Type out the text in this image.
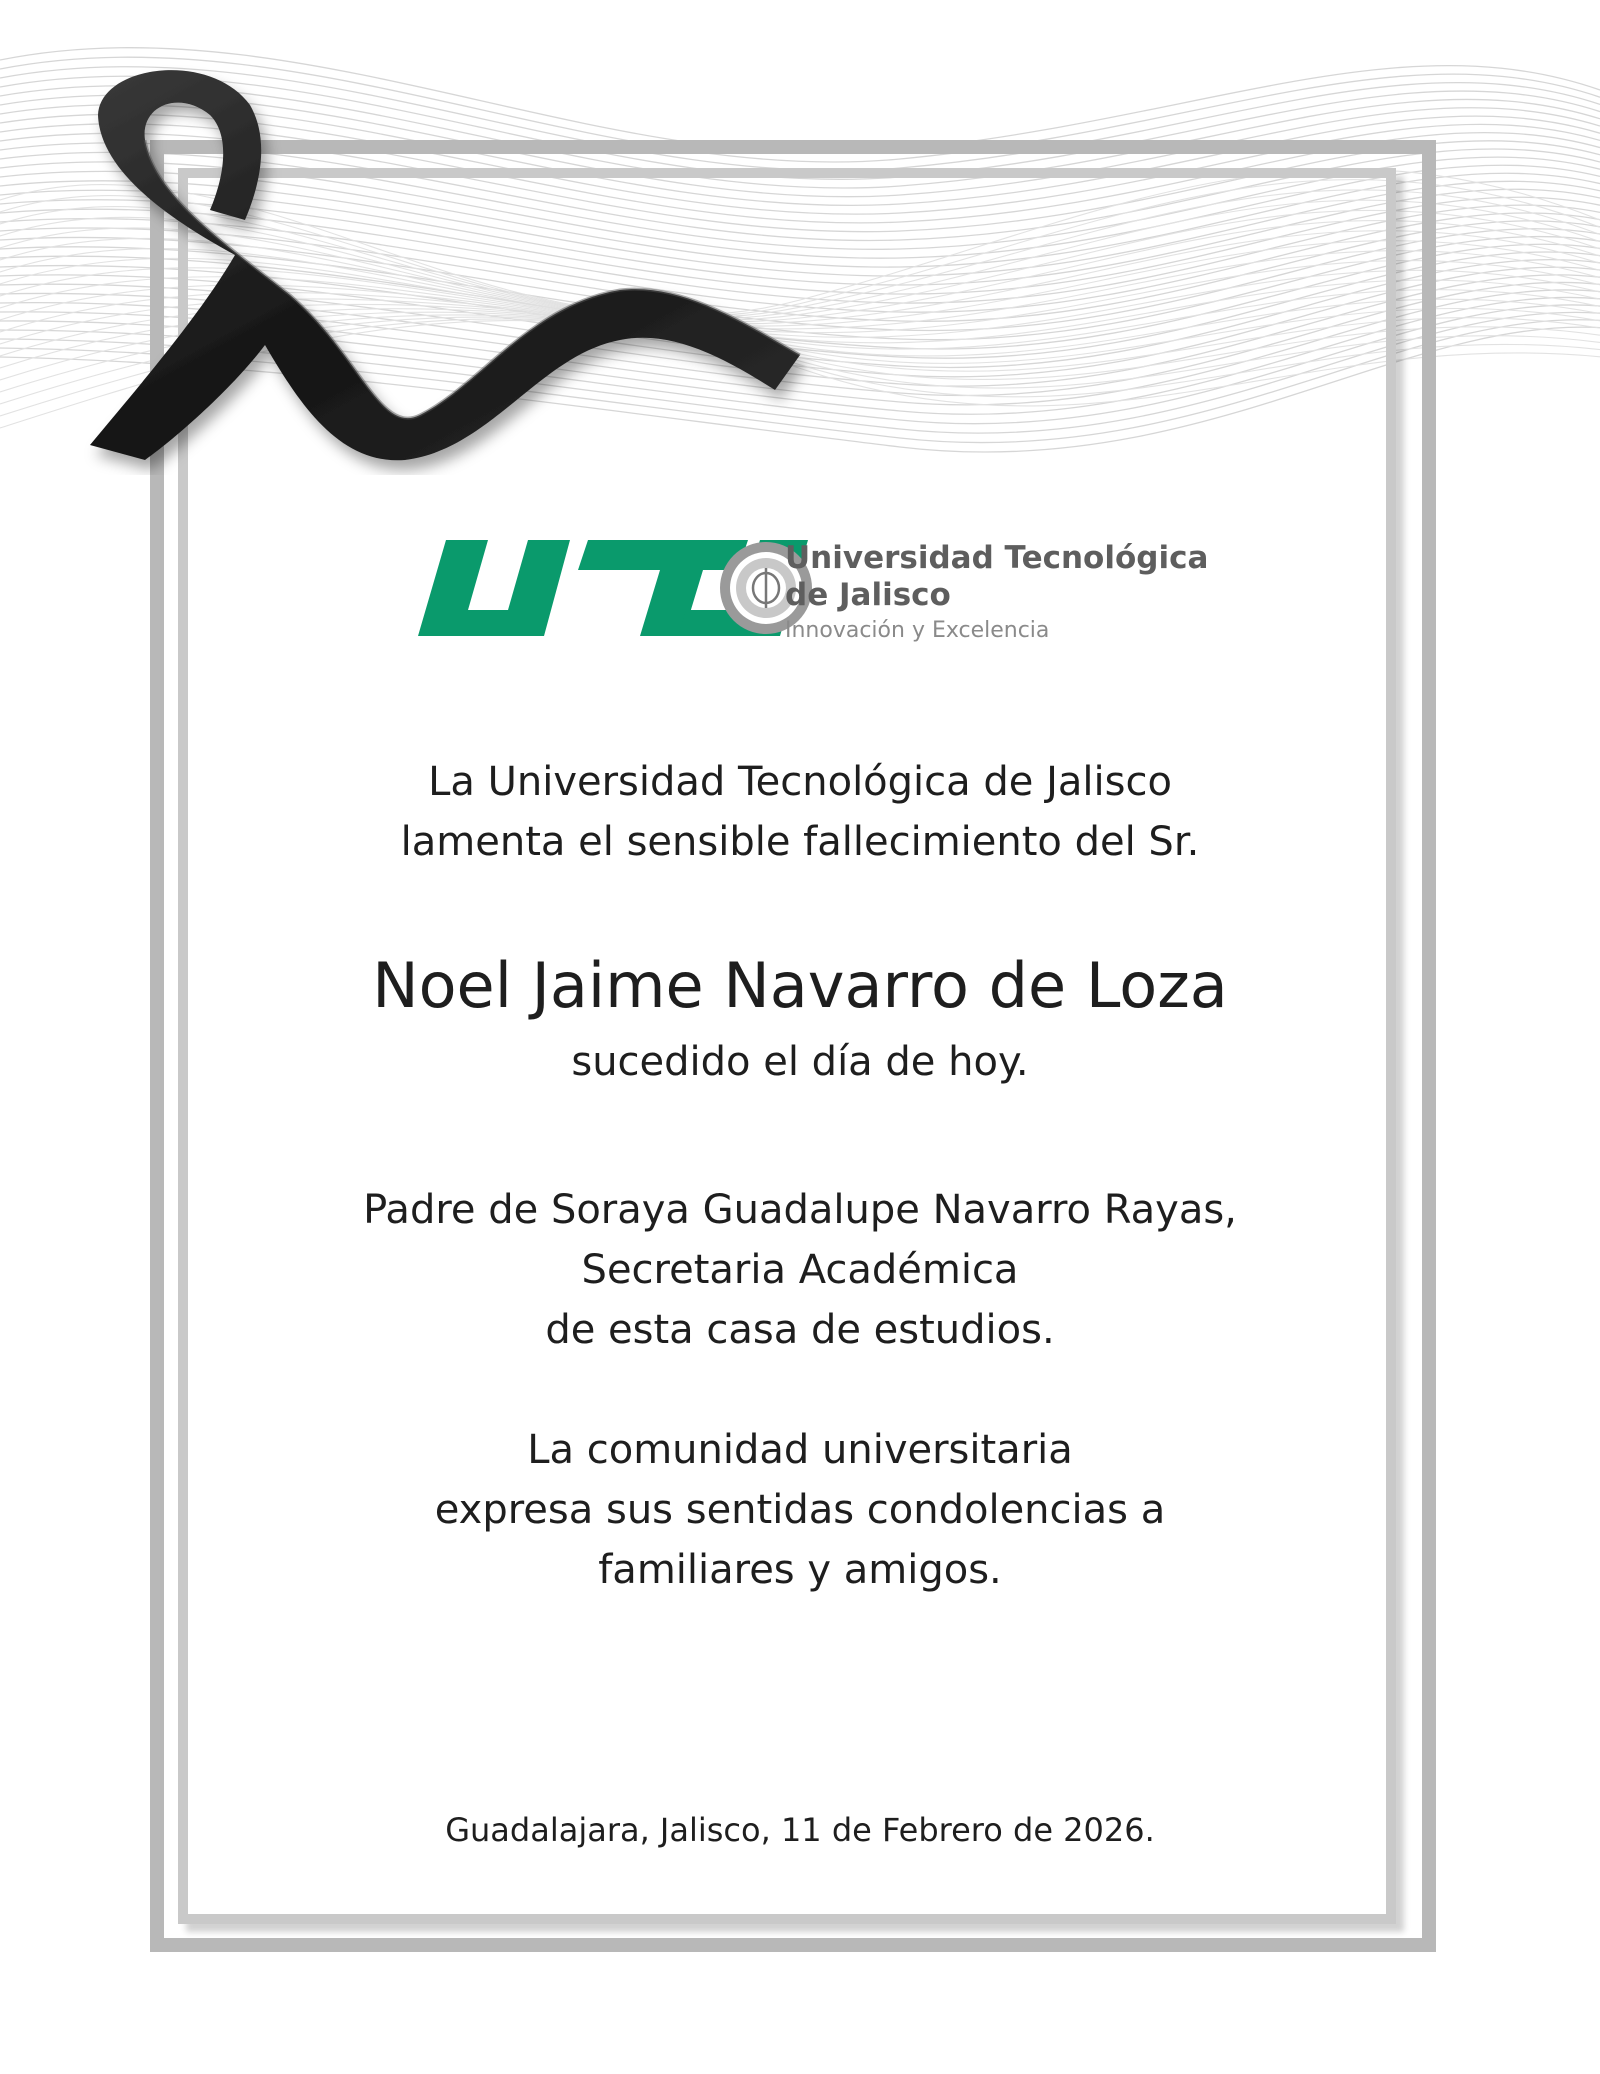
Universidad Tecnológica
de Jalisco
Innovación y Excelencia
La Universidad Tecnológica de Jalisco
lamenta el sensible fallecimiento del Sr.
Noel Jaime Navarro de Loza
sucedido el día de hoy.
Padre de Soraya Guadalupe Navarro Rayas,
Secretaria Académica
de esta casa de estudios.
La comunidad universitaria
expresa sus sentidas condolencias a
familiares y amigos.
Guadalajara, Jalisco, 11 de Febrero de 2026.
